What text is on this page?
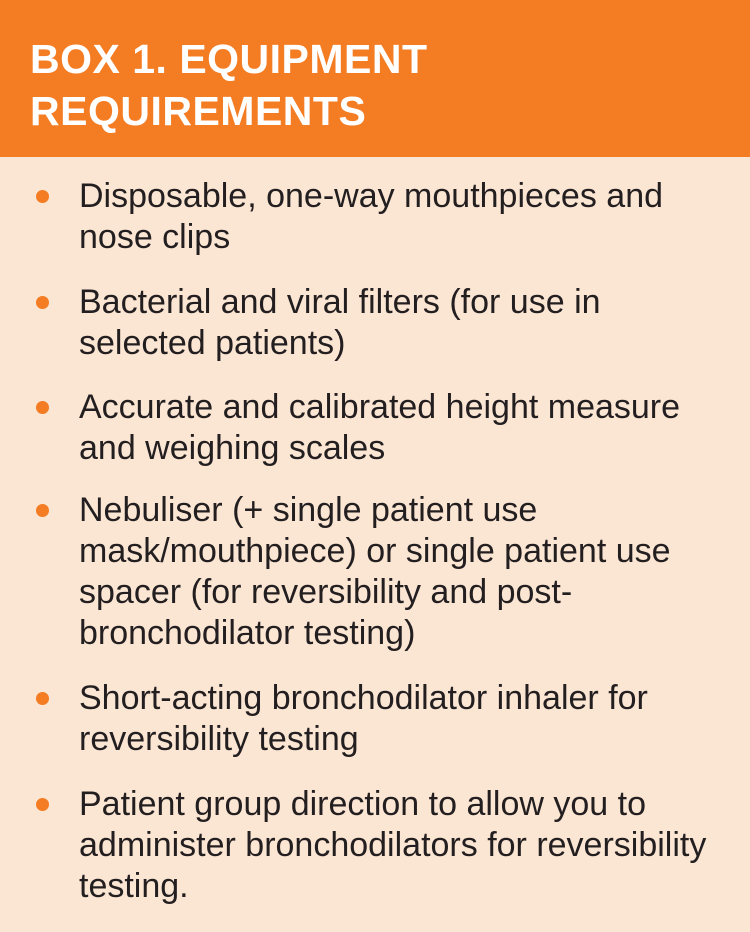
BOX 1. EQUIPMENT REQUIREMENTS
Disposable, one-way mouthpieces and nose clips
Bacterial and viral filters (for use in selected patients)
Accurate and calibrated height measure and weighing scales
Nebuliser (+ single patient use mask/mouthpiece) or single patient use spacer (for reversibility and post-bronchodilator testing)
Short-acting bronchodilator inhaler for reversibility testing
Patient group direction to allow you to administer bronchodilators for reversibility testing.
